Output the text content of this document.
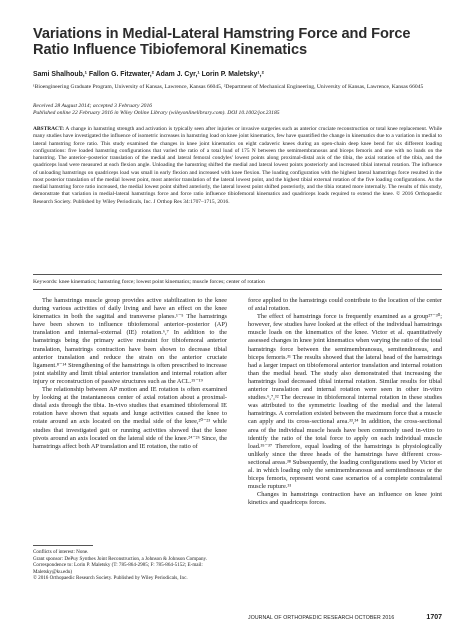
Variations in Medial-Lateral Hamstring Force and Force Ratio Influence Tibiofemoral Kinematics
Sami Shalhoub,¹ Fallon G. Fitzwater,² Adam J. Cyr,¹ Lorin P. Maletsky¹,²
¹Bioengineering Graduate Program, University of Kansas, Lawrence, Kansas 66045, ²Department of Mechanical Engineering, University of Kansas, Lawrence, Kansas 66045
Received 28 August 2014; accepted 3 February 2016
Published online 22 February 2016 in Wiley Online Library (wileyonlinelibrary.com). DOI 10.1002/jor.23185
ABSTRACT: A change in hamstring strength and activation is typically seen after injuries or invasive surgeries such as anterior cruciate reconstruction or total knee replacement. While many studies have investigated the influence of isometric increases in hamstring load on knee joint kinematics, few have quantified the change in kinematics due to a variation in medial to lateral hamstring force ratio. This study examined the changes in knee joint kinematics on eight cadaveric knees during an open-chain deep knee bend for six different loading configurations: five loaded hamstring configurations that varied the ratio of a total load of 175 N between the semimembranosus and biceps femoris and one with no loads on the hamstring. The anterior–posterior translation of the medial and lateral femoral condyles' lowest points along proximal-distal axis of the tibia, the axial rotation of the tibia, and the quadriceps load were measured at each flexion angle. Unloading the hamstring shifted the medial and lateral lowest points posteriorly and increased tibial internal rotation. The influence of unloading hamstrings on quadriceps load was small in early flexion and increased with knee flexion. The loading configuration with the highest lateral hamstrings force resulted in the most posterior translation of the medial lowest point, most anterior translation of the lateral lowest point, and the highest tibial external rotation of the five loading configurations. As the medial hamstring force ratio increased, the medial lowest point shifted anteriorly, the lateral lowest point shifted posteriorly, and the tibia rotated more internally. The results of this study, demonstrate that variation in medial-lateral hamstrings force and force ratio influence tibiofemoral kinematics and quadriceps loads required to extend the knee. © 2016 Orthopaedic Research Society. Published by Wiley Periodicals, Inc. J Orthop Res 34:1707–1715, 2016.
Keywords: knee kinematics; hamstring force; lowest point kinematics; muscle forces; center of rotation

The hamstrings muscle group provides active stabilization to the knee during various activities of daily living and have an effect on the knee kinematics in both the sagittal and transverse planes.¹⁻⁵ The hamstrings have been shown to influence tibiofemoral anterior–posterior (AP) translation and internal–external (IE) rotation.⁶,⁷ In addition to the hamstrings being the primary active restraint for tibiofemoral anterior translation, hamstrings contraction have been shown to decrease tibial anterior translation and reduce the strain on the anterior cruciate ligament.⁸⁻¹⁴ Strengthening of the hamstrings is often prescribed to increase joint stability and limit tibial anterior translation and internal rotation after injury or reconstruction of passive structures such as the ACL.¹⁵⁻¹⁹

The relationship between AP motion and IE rotation is often examined by looking at the instantaneous center of axial rotation about a proximal-distal axis through the tibia. In-vivo studies that examined tibiofemoral IE rotation have shown that squats and lunge activities caused the knee to rotate around an axis located on the medial side of the knee,²⁰⁻²³ while studies that investigated gait or running activities showed that the knee pivots around an axis located on the lateral side of the knee.²⁴⁻²⁶ Since, the hamstrings affect both AP translation and IE rotation, the ratio of

force applied to the hamstrings could contribute to the location of the center of axial rotation.

The effect of hamstrings force is frequently examined as a group²⁷⁻³⁰; however, few studies have looked at the effect of the individual hamstrings muscle loads on the kinematics of the knee. Victor et al. quantitatively assessed changes in knee joint kinematics when varying the ratio of the total hamstrings force between the semimembranosus, semitendinosus, and biceps femoris.³¹ The results showed that the lateral head of the hamstrings had a larger impact on tibiofemoral anterior translation and internal rotation than the medial head. The study also demonstrated that increasing the hamstrings load decreased tibial internal rotation. Similar results for tibial anterior translation and internal rotation were seen in other in-vitro studies.⁶,⁷,³² The decrease in tibiofemoral internal rotation in these studies was attributed to the symmetric loading of the medial and the lateral hamstrings. A correlation existed between the maximum force that a muscle can apply and its cross-sectional area.³³,³⁴ In addition, the cross-sectional area of the individual muscle heads have been commonly used in-vitro to identify the ratio of the total force to apply on each individual muscle load.³⁵⁻³⁷ Therefore, equal loading of the hamstrings is physiologically unlikely since the three heads of the hamstrings have different cross-sectional areas.³⁸ Subsequently, the loading configurations used by Victor et al. in which loading only the semimembranosus and semitendinosus or the biceps femoris, represent worst case scenarios of a complete contralateral muscle rupture.³¹

Changes in hamstrings contraction have an influence on knee joint kinetics and quadriceps forces.

Conflicts of interest: None.

Grant sponsor: DePuy Synthes Joint Reconstruction, a Johnson & Johnson Company.

Correspondence to: Lorin P. Maletsky (T: 785-864-2985; F: 785-864-5152; E-mail: Maletsky@ku.edu)

© 2016 Orthopaedic Research Society. Published by Wiley Periodicals, Inc.

JOURNAL OF ORTHOPAEDIC RESEARCH OCTOBER 2016	1707
